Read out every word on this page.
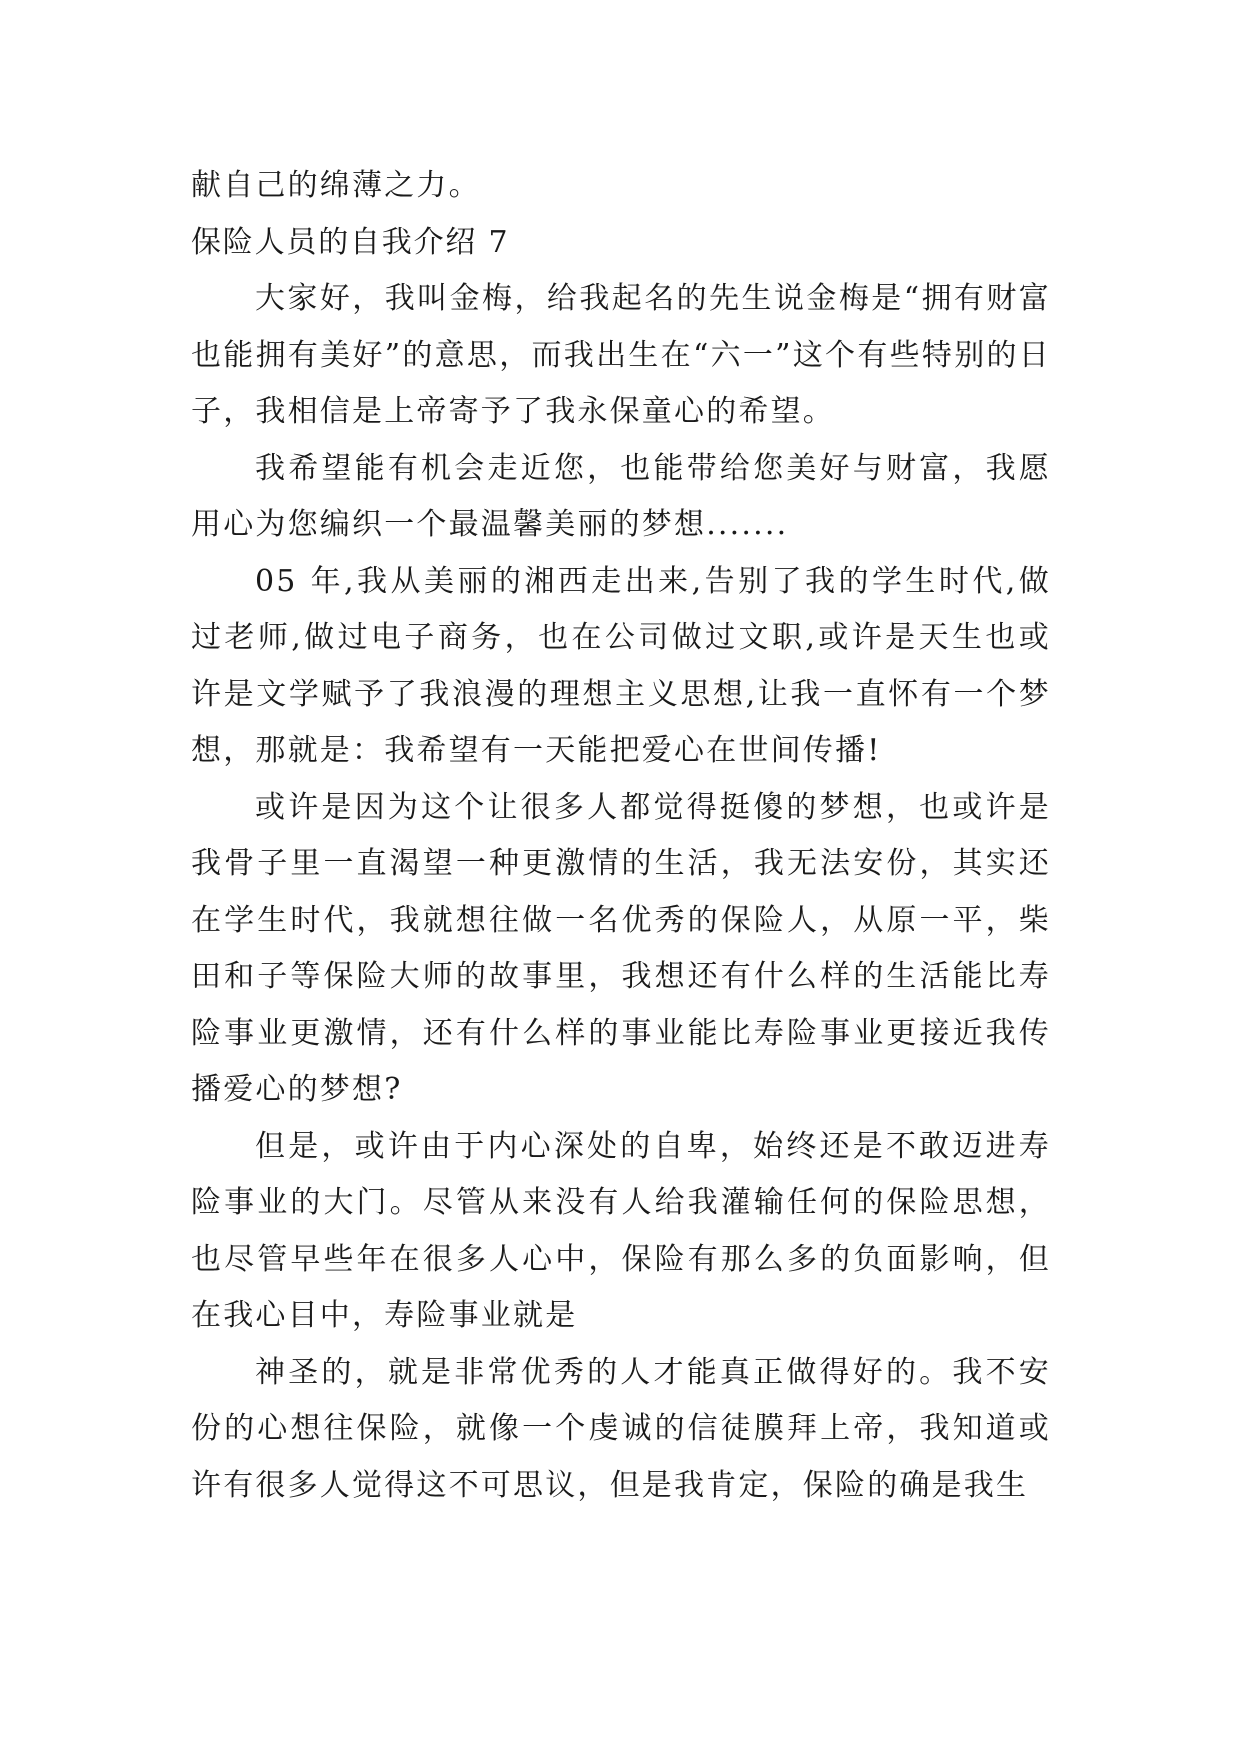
献自己的绵薄之力。

保险人员的自我介绍 7

大家好，我叫金梅，给我起名的先生说金梅是“拥有财富也能拥有美好”的意思，而我出生在“六一”这个有些特别的日子，我相信是上帝寄予了我永保童心的希望。

我希望能有机会走近您，也能带给您美好与财富，我愿用心为您编织一个最温馨美丽的梦想.......

05 年,我从美丽的湘西走出来,告别了我的学生时代,做过老师,做过电子商务，也在公司做过文职,或许是天生也或许是文学赋予了我浪漫的理想主义思想,让我一直怀有一个梦想，那就是：我希望有一天能把爱心在世间传播!

或许是因为这个让很多人都觉得挺傻的梦想，也或许是我骨子里一直渴望一种更激情的生活，我无法安份，其实还在学生时代，我就想往做一名优秀的保险人，从原一平，柴田和子等保险大师的故事里，我想还有什么样的生活能比寿险事业更激情，还有什么样的事业能比寿险事业更接近我传播爱心的梦想?

但是，或许由于内心深处的自卑，始终还是不敢迈进寿险事业的大门。尽管从来没有人给我灌输任何的保险思想，也尽管早些年在很多人心中，保险有那么多的负面影响，但在我心目中，寿险事业就是

神圣的，就是非常优秀的人才能真正做得好的。我不安份的心想往保险，就像一个虔诚的信徒膜拜上帝，我知道或许有很多人觉得这不可思议，但是我肯定，保险的确是我生
